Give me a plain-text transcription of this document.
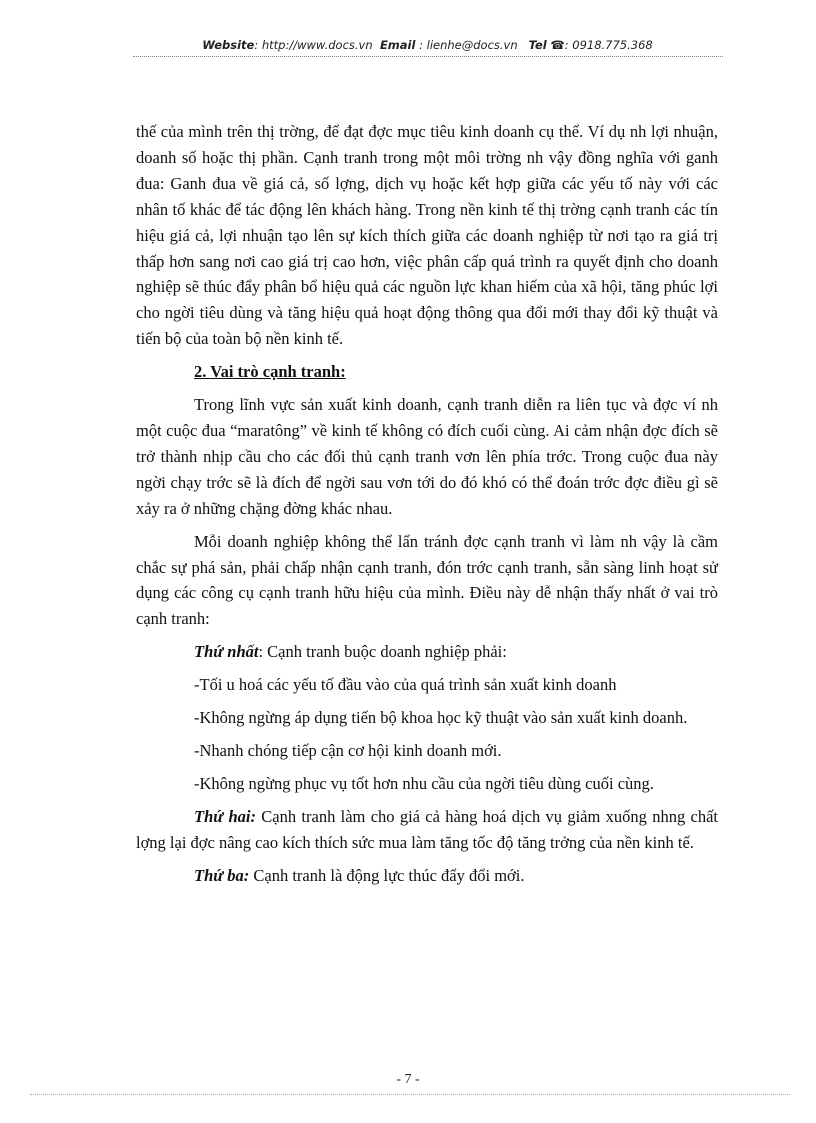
Website: http://www.docs.vn Email : lienhe@docs.vn Tel ☎: 0918.775.368

thế của mình trên thị trờng, để đạt đợc mục tiêu kinh doanh cụ thể. Ví dụ nh lợi nhuận, doanh số hoặc thị phần. Cạnh tranh trong một môi trờng nh vậy đồng nghĩa với ganh đua: Ganh đua về giá cả, số lợng, dịch vụ hoặc kết hợp giữa các yếu tố này với các nhân tố khác để tác động lên khách hàng. Trong nền kinh tế thị trờng cạnh tranh các tín hiệu giá cả, lợi nhuận tạo lên sự kích thích giữa các doanh nghiệp từ nơi tạo ra giá trị thấp hơn sang nơi cao giá trị cao hơn, việc phân cấp quá trình ra quyết định cho doanh nghiệp sẽ thúc đẩy phân bổ hiệu quả các nguồn lực khan hiếm của xã hội, tăng phúc lợi cho ngời tiêu dùng và tăng hiệu quả hoạt động thông qua đổi mới thay đổi kỹ thuật và tiến bộ của toàn bộ nền kinh tế.

2. Vai trò cạnh tranh:

Trong lĩnh vực sản xuất kinh doanh, cạnh tranh diễn ra liên tục và đợc ví nh một cuộc đua “maratông” về kinh tế không có đích cuối cùng. Ai cảm nhận đợc đích sẽ trở thành nhịp cầu cho các đối thủ cạnh tranh vơn lên phía trớc. Trong cuộc đua này ngời chạy trớc sẽ là đích để ngời sau vơn tới do đó khó có thể đoán trớc đợc điều gì sẽ xảy ra ở những chặng đờng khác nhau.

Mỗi doanh nghiệp không thể lẩn tránh đợc cạnh tranh vì làm nh vậy là cầm chắc sự phá sản, phải chấp nhận cạnh tranh, đón trớc cạnh tranh, sẵn sàng linh hoạt sử dụng các công cụ cạnh tranh hữu hiệu của mình. Điều này dễ nhận thấy nhất ở vai trò cạnh tranh:

Thứ nhất: Cạnh tranh buộc doanh nghiệp phải:

-Tối u hoá các yếu tố đầu vào của quá trình sản xuất kinh doanh

-Không ngừng áp dụng tiến bộ khoa học kỹ thuật vào sản xuất kinh doanh.

-Nhanh chóng tiếp cận cơ hội kinh doanh mới.

-Không ngừng phục vụ tốt hơn nhu cầu của ngời tiêu dùng cuối cùng.

Thứ hai: Cạnh tranh làm cho giá cả hàng hoá dịch vụ giảm xuống nhng chất lợng lại đợc nâng cao kích thích sức mua làm tăng tốc độ tăng trởng của nền kinh tế.

Thứ ba: Cạnh tranh là động lực thúc đẩy đổi mới.

- 7 -
